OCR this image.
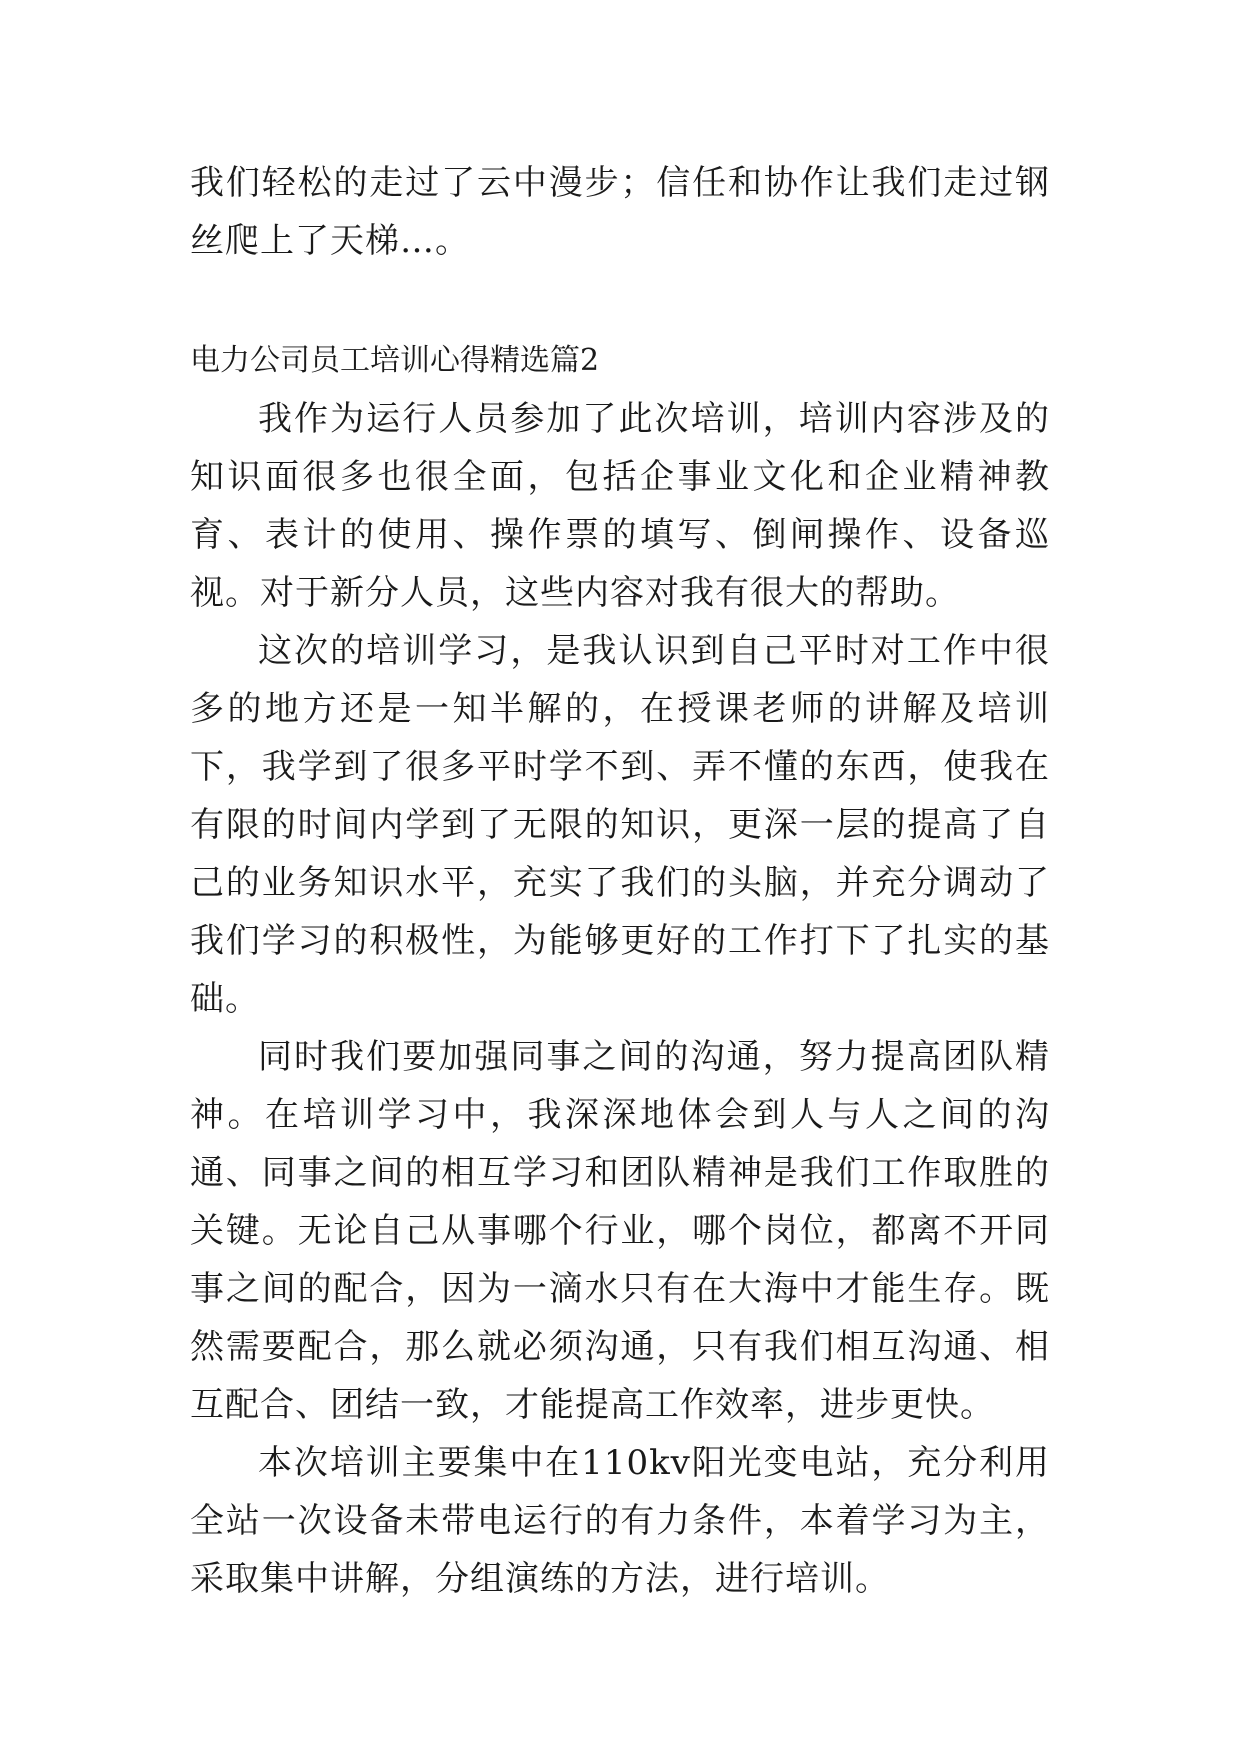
我们轻松的走过了云中漫步；信任和协作让我们走过钢丝爬上了天梯…。

电力公司员工培训心得精选篇2

我作为运行人员参加了此次培训，培训内容涉及的知识面很多也很全面，包括企事业文化和企业精神教育、表计的使用、操作票的填写、倒闸操作、设备巡视。对于新分人员，这些内容对我有很大的帮助。

这次的培训学习，是我认识到自己平时对工作中很多的地方还是一知半解的，在授课老师的讲解及培训下，我学到了很多平时学不到、弄不懂的东西，使我在有限的时间内学到了无限的知识，更深一层的提高了自己的业务知识水平，充实了我们的头脑，并充分调动了我们学习的积极性，为能够更好的工作打下了扎实的基础。

同时我们要加强同事之间的沟通，努力提高团队精神。在培训学习中，我深深地体会到人与人之间的沟通、同事之间的相互学习和团队精神是我们工作取胜的关键。无论自己从事哪个行业，哪个岗位，都离不开同事之间的配合，因为一滴水只有在大海中才能生存。既然需要配合，那么就必须沟通，只有我们相互沟通、相互配合、团结一致，才能提高工作效率，进步更快。

本次培训主要集中在110kv阳光变电站，充分利用全站一次设备未带电运行的有力条件，本着学习为主，采取集中讲解，分组演练的方法，进行培训。
